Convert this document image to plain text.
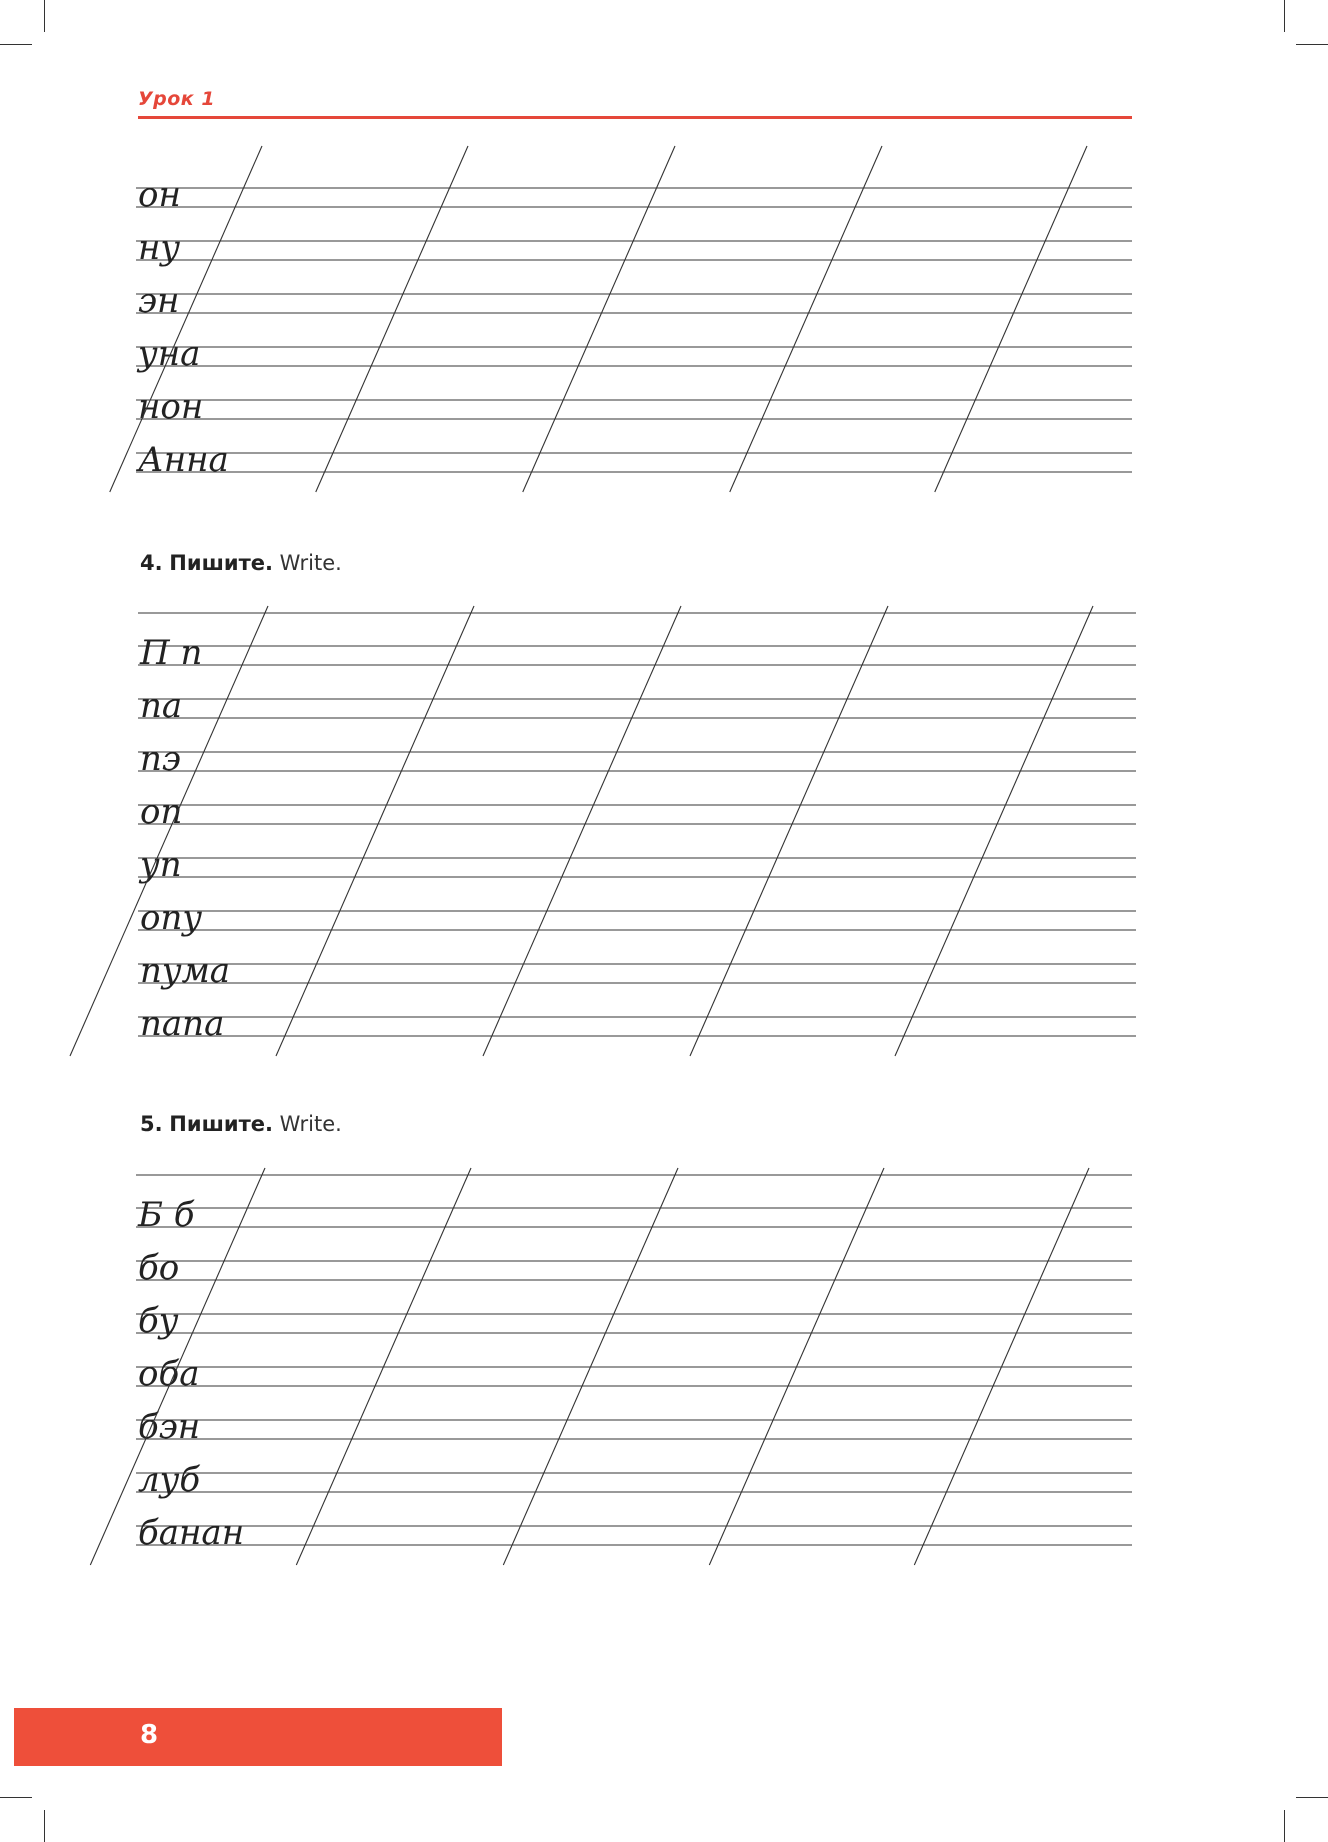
Урок 1
он
ну
эн
уна
нон
Анна
4. Пишите. Write.
П п
па
пэ
оп
уп
опу
пума
папа
5. Пишите. Write.
Б б
бо
бу
оба
бэн
луб
банан
8
